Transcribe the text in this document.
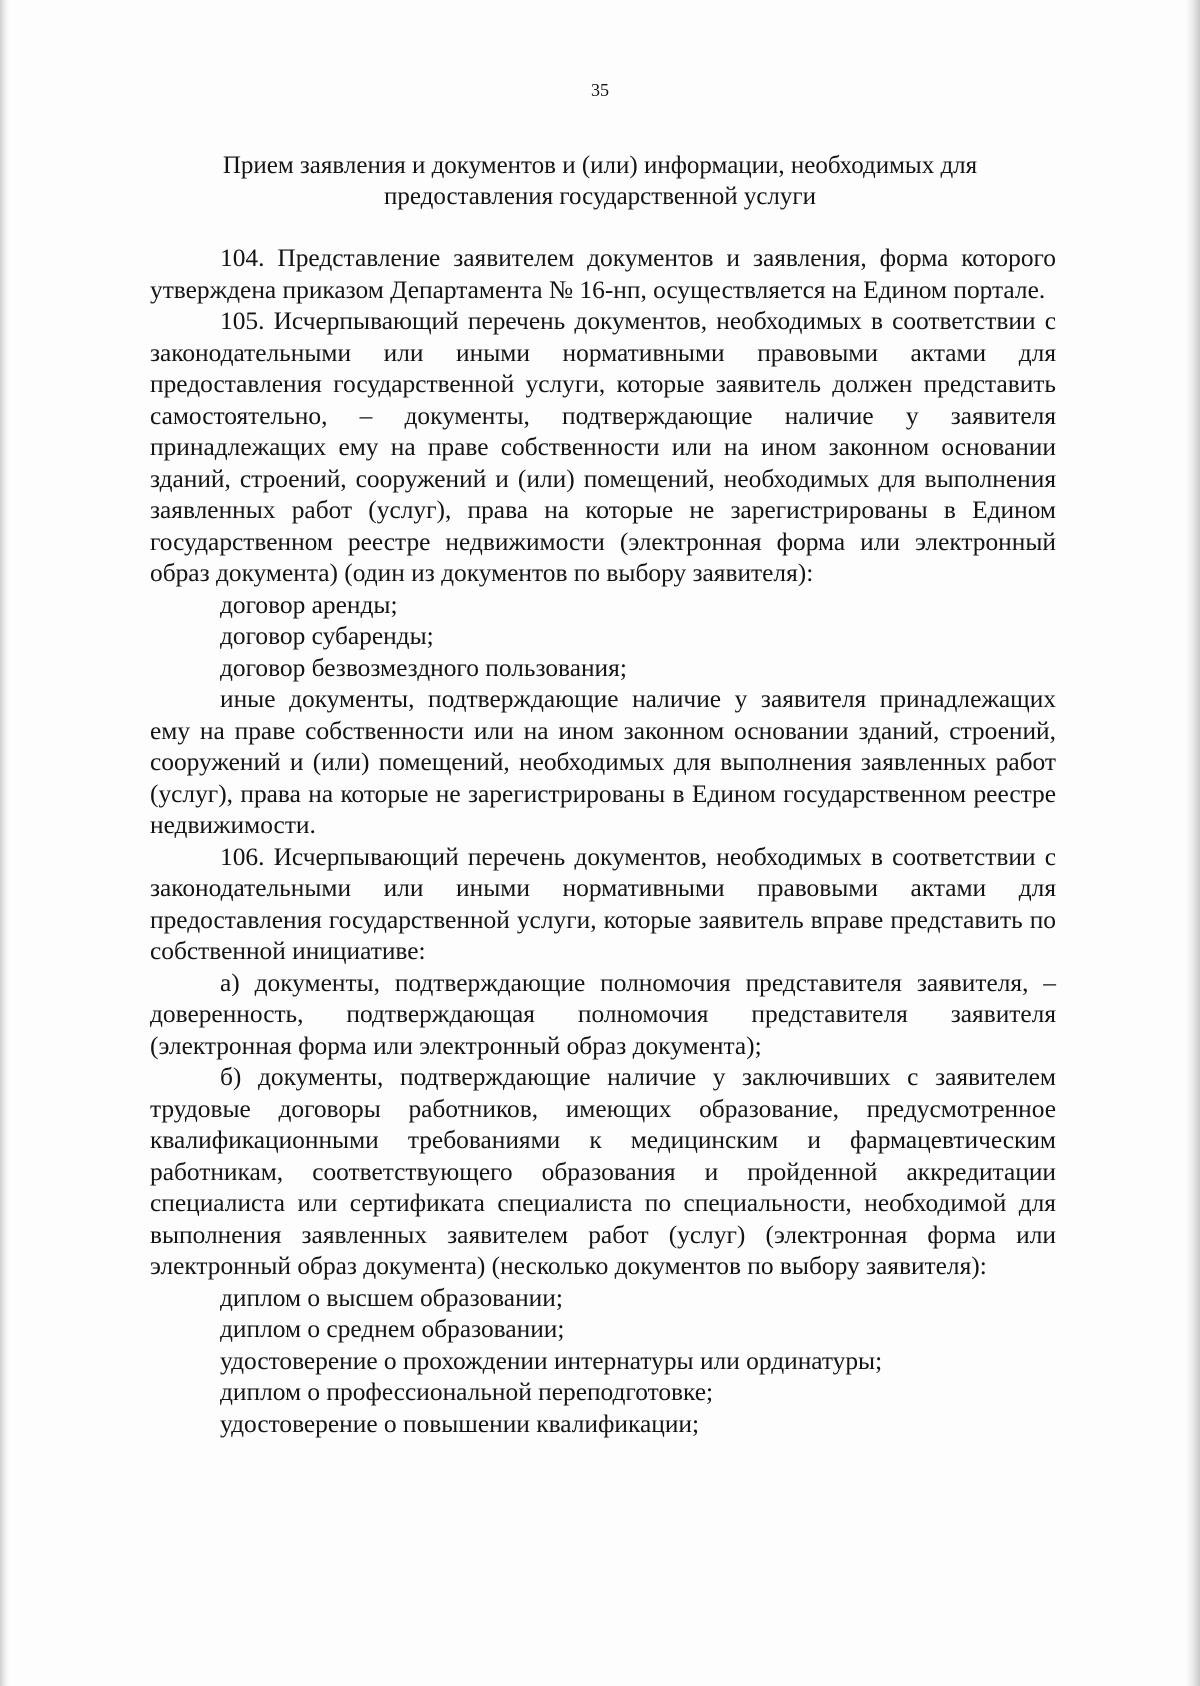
35
Прием заявления и документов и (или) информации, необходимых для
предоставления государственной услуги

104. Представление заявителем документов и заявления, форма которого утверждена приказом Департамента № 16-нп, осуществляется на Едином портале.

105. Исчерпывающий перечень документов, необходимых в соответствии с законодательными или иными нормативными правовыми актами для предоставления государственной услуги, которые заявитель должен представить самостоятельно, – документы, подтверждающие наличие у заявителя принадлежащих ему на праве собственности или на ином законном основании зданий, строений, сооружений и (или) помещений, необходимых для выполнения заявленных работ (услуг), права на которые не зарегистрированы в Едином государственном реестре недвижимости (электронная форма или электронный образ документа) (один из документов по выбору заявителя):

договор аренды;

договор субаренды;

договор безвозмездного пользования;

иные документы, подтверждающие наличие у заявителя принадлежащих ему на праве собственности или на ином законном основании зданий, строений, сооружений и (или) помещений, необходимых для выполнения заявленных работ (услуг), права на которые не зарегистрированы в Едином государственном реестре недвижимости.

106. Исчерпывающий перечень документов, необходимых в соответствии с законодательными или иными нормативными правовыми актами для предоставления государственной услуги, которые заявитель вправе представить по собственной инициативе:

а) документы, подтверждающие полномочия представителя заявителя, – доверенность, подтверждающая полномочия представителя заявителя (электронная форма или электронный образ документа);

б) документы, подтверждающие наличие у заключивших с заявителем трудовые договоры работников, имеющих образование, предусмотренное квалификационными требованиями к медицинским и фармацевтическим работникам, соответствующего образования и пройденной аккредитации специалиста или сертификата специалиста по специальности, необходимой для выполнения заявленных заявителем работ (услуг) (электронная форма или электронный образ документа) (несколько документов по выбору заявителя):

диплом о высшем образовании;

диплом о среднем образовании;

удостоверение о прохождении интернатуры или ординатуры;

диплом о профессиональной переподготовке;

удостоверение о повышении квалификации;
